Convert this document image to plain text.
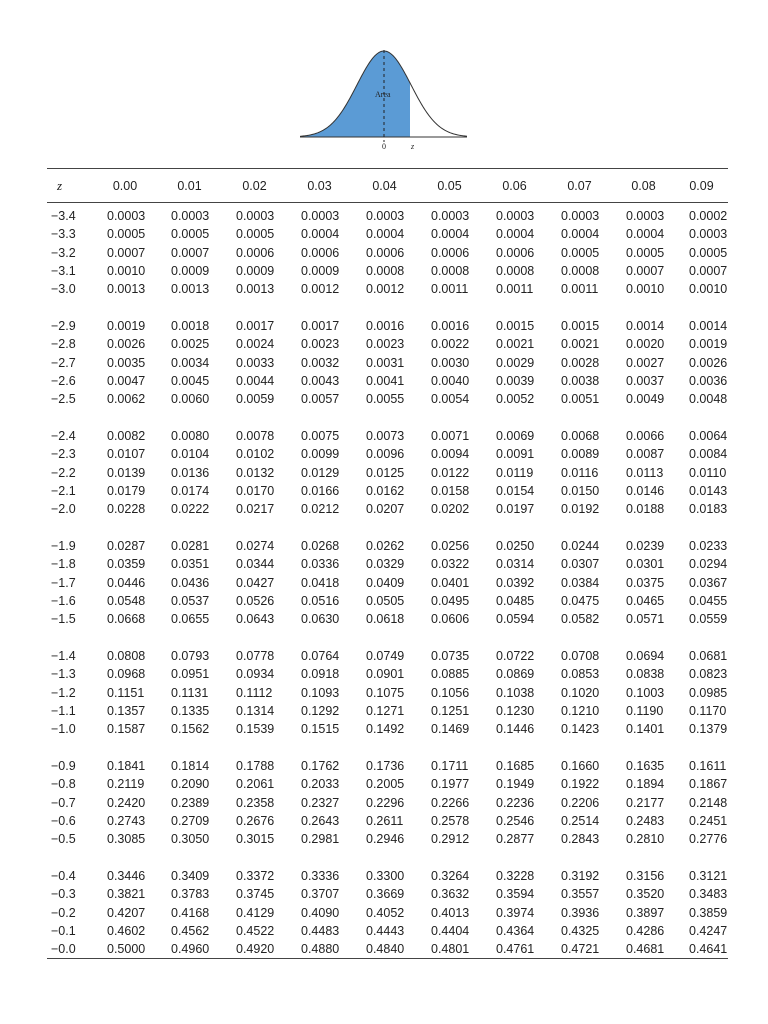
Area
0	z
z	0.00	0.01	0.02	0.03	0.04	0.05	0.06	0.07	0.08	0.09
−3.4	0.0003	0.0003	0.0003	0.0003	0.0003	0.0003	0.0003	0.0003	0.0003	0.0002
−3.3	0.0005	0.0005	0.0005	0.0004	0.0004	0.0004	0.0004	0.0004	0.0004	0.0003
−3.2	0.0007	0.0007	0.0006	0.0006	0.0006	0.0006	0.0006	0.0005	0.0005	0.0005
−3.1	0.0010	0.0009	0.0009	0.0009	0.0008	0.0008	0.0008	0.0008	0.0007	0.0007
−3.0	0.0013	0.0013	0.0013	0.0012	0.0012	0.0011	0.0011	0.0011	0.0010	0.0010

−2.9	0.0019	0.0018	0.0017	0.0017	0.0016	0.0016	0.0015	0.0015	0.0014	0.0014
−2.8	0.0026	0.0025	0.0024	0.0023	0.0023	0.0022	0.0021	0.0021	0.0020	0.0019
−2.7	0.0035	0.0034	0.0033	0.0032	0.0031	0.0030	0.0029	0.0028	0.0027	0.0026
−2.6	0.0047	0.0045	0.0044	0.0043	0.0041	0.0040	0.0039	0.0038	0.0037	0.0036
−2.5	0.0062	0.0060	0.0059	0.0057	0.0055	0.0054	0.0052	0.0051	0.0049	0.0048

−2.4	0.0082	0.0080	0.0078	0.0075	0.0073	0.0071	0.0069	0.0068	0.0066	0.0064
−2.3	0.0107	0.0104	0.0102	0.0099	0.0096	0.0094	0.0091	0.0089	0.0087	0.0084
−2.2	0.0139	0.0136	0.0132	0.0129	0.0125	0.0122	0.0119	0.0116	0.0113	0.0110
−2.1	0.0179	0.0174	0.0170	0.0166	0.0162	0.0158	0.0154	0.0150	0.0146	0.0143
−2.0	0.0228	0.0222	0.0217	0.0212	0.0207	0.0202	0.0197	0.0192	0.0188	0.0183

−1.9	0.0287	0.0281	0.0274	0.0268	0.0262	0.0256	0.0250	0.0244	0.0239	0.0233
−1.8	0.0359	0.0351	0.0344	0.0336	0.0329	0.0322	0.0314	0.0307	0.0301	0.0294
−1.7	0.0446	0.0436	0.0427	0.0418	0.0409	0.0401	0.0392	0.0384	0.0375	0.0367
−1.6	0.0548	0.0537	0.0526	0.0516	0.0505	0.0495	0.0485	0.0475	0.0465	0.0455
−1.5	0.0668	0.0655	0.0643	0.0630	0.0618	0.0606	0.0594	0.0582	0.0571	0.0559

−1.4	0.0808	0.0793	0.0778	0.0764	0.0749	0.0735	0.0722	0.0708	0.0694	0.0681
−1.3	0.0968	0.0951	0.0934	0.0918	0.0901	0.0885	0.0869	0.0853	0.0838	0.0823
−1.2	0.1151	0.1131	0.1112	0.1093	0.1075	0.1056	0.1038	0.1020	0.1003	0.0985
−1.1	0.1357	0.1335	0.1314	0.1292	0.1271	0.1251	0.1230	0.1210	0.1190	0.1170
−1.0	0.1587	0.1562	0.1539	0.1515	0.1492	0.1469	0.1446	0.1423	0.1401	0.1379

−0.9	0.1841	0.1814	0.1788	0.1762	0.1736	0.1711	0.1685	0.1660	0.1635	0.1611
−0.8	0.2119	0.2090	0.2061	0.2033	0.2005	0.1977	0.1949	0.1922	0.1894	0.1867
−0.7	0.2420	0.2389	0.2358	0.2327	0.2296	0.2266	0.2236	0.2206	0.2177	0.2148
−0.6	0.2743	0.2709	0.2676	0.2643	0.2611	0.2578	0.2546	0.2514	0.2483	0.2451
−0.5	0.3085	0.3050	0.3015	0.2981	0.2946	0.2912	0.2877	0.2843	0.2810	0.2776

−0.4	0.3446	0.3409	0.3372	0.3336	0.3300	0.3264	0.3228	0.3192	0.3156	0.3121
−0.3	0.3821	0.3783	0.3745	0.3707	0.3669	0.3632	0.3594	0.3557	0.3520	0.3483
−0.2	0.4207	0.4168	0.4129	0.4090	0.4052	0.4013	0.3974	0.3936	0.3897	0.3859
−0.1	0.4602	0.4562	0.4522	0.4483	0.4443	0.4404	0.4364	0.4325	0.4286	0.4247
−0.0	0.5000	0.4960	0.4920	0.4880	0.4840	0.4801	0.4761	0.4721	0.4681	0.4641
